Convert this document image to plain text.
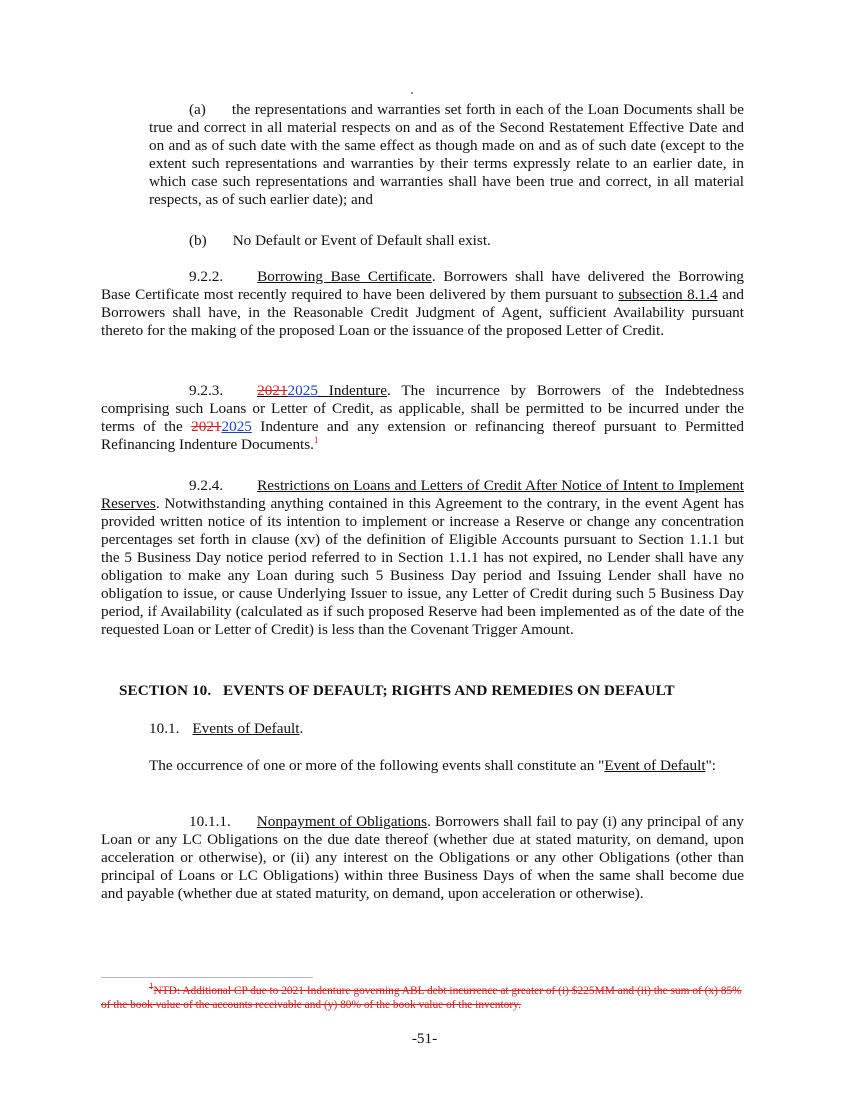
(a) the representations and warranties set forth in each of the Loan Documents shall be true and correct in all material respects on and as of the Second Restatement Effective Date and on and as of such date with the same effect as though made on and as of such date (except to the extent such representations and warranties by their terms expressly relate to an earlier date, in which case such representations and warranties shall have been true and correct, in all material respects, as of such earlier date); and

(b) No Default or Event of Default shall exist.

9.2.2. Borrowing Base Certificate. Borrowers shall have delivered the Borrowing Base Certificate most recently required to have been delivered by them pursuant to subsection 8.1.4 and Borrowers shall have, in the Reasonable Credit Judgment of Agent, sufficient Availability pursuant thereto for the making of the proposed Loan or the issuance of the proposed Letter of Credit.

9.2.3. 20212025 Indenture. The incurrence by Borrowers of the Indebtedness comprising such Loans or Letter of Credit, as applicable, shall be permitted to be incurred under the terms of the 20212025 Indenture and any extension or refinancing thereof pursuant to Permitted Refinancing Indenture Documents.$^1$

9.2.4. Restrictions on Loans and Letters of Credit After Notice of Intent to Implement Reserves. Notwithstanding anything contained in this Agreement to the contrary, in the event Agent has provided written notice of its intention to implement or increase a Reserve or change any concentration percentages set forth in clause (xv) of the definition of Eligible Accounts pursuant to Section 1.1.1 but the 5 Business Day notice period referred to in Section 1.1.1 has not expired, no Lender shall have any obligation to make any Loan during such 5 Business Day period and Issuing Lender shall have no obligation to issue, or cause Underlying Issuer to issue, any Letter of Credit during such 5 Business Day period, if Availability (calculated as if such proposed Reserve had been implemented as of the date of the requested Loan or Letter of Credit) is less than the Covenant Trigger Amount.

SECTION 10.   EVENTS OF DEFAULT; RIGHTS AND REMEDIES ON DEFAULT
10.1. Events of Default.

The occurrence of one or more of the following events shall constitute an "Event of Default":

10.1.1. Nonpayment of Obligations. Borrowers shall fail to pay (i) any principal of any Loan or any LC Obligations on the due date thereof (whether due at stated maturity, on demand, upon acceleration or otherwise), or (ii) any interest on the Obligations or any other Obligations (other than principal of Loans or LC Obligations) within three Business Days of when the same shall become due and payable (whether due at stated maturity, on demand, upon acceleration or otherwise).

$^1$NTD: Additional CP due to 2021 Indenture governing ABL debt incurrence at greater of (i) $225MM and (ii) the sum of (x) 85% of the book value of the accounts receivable and (y) 80% of the book value of the inventory.

-51-
